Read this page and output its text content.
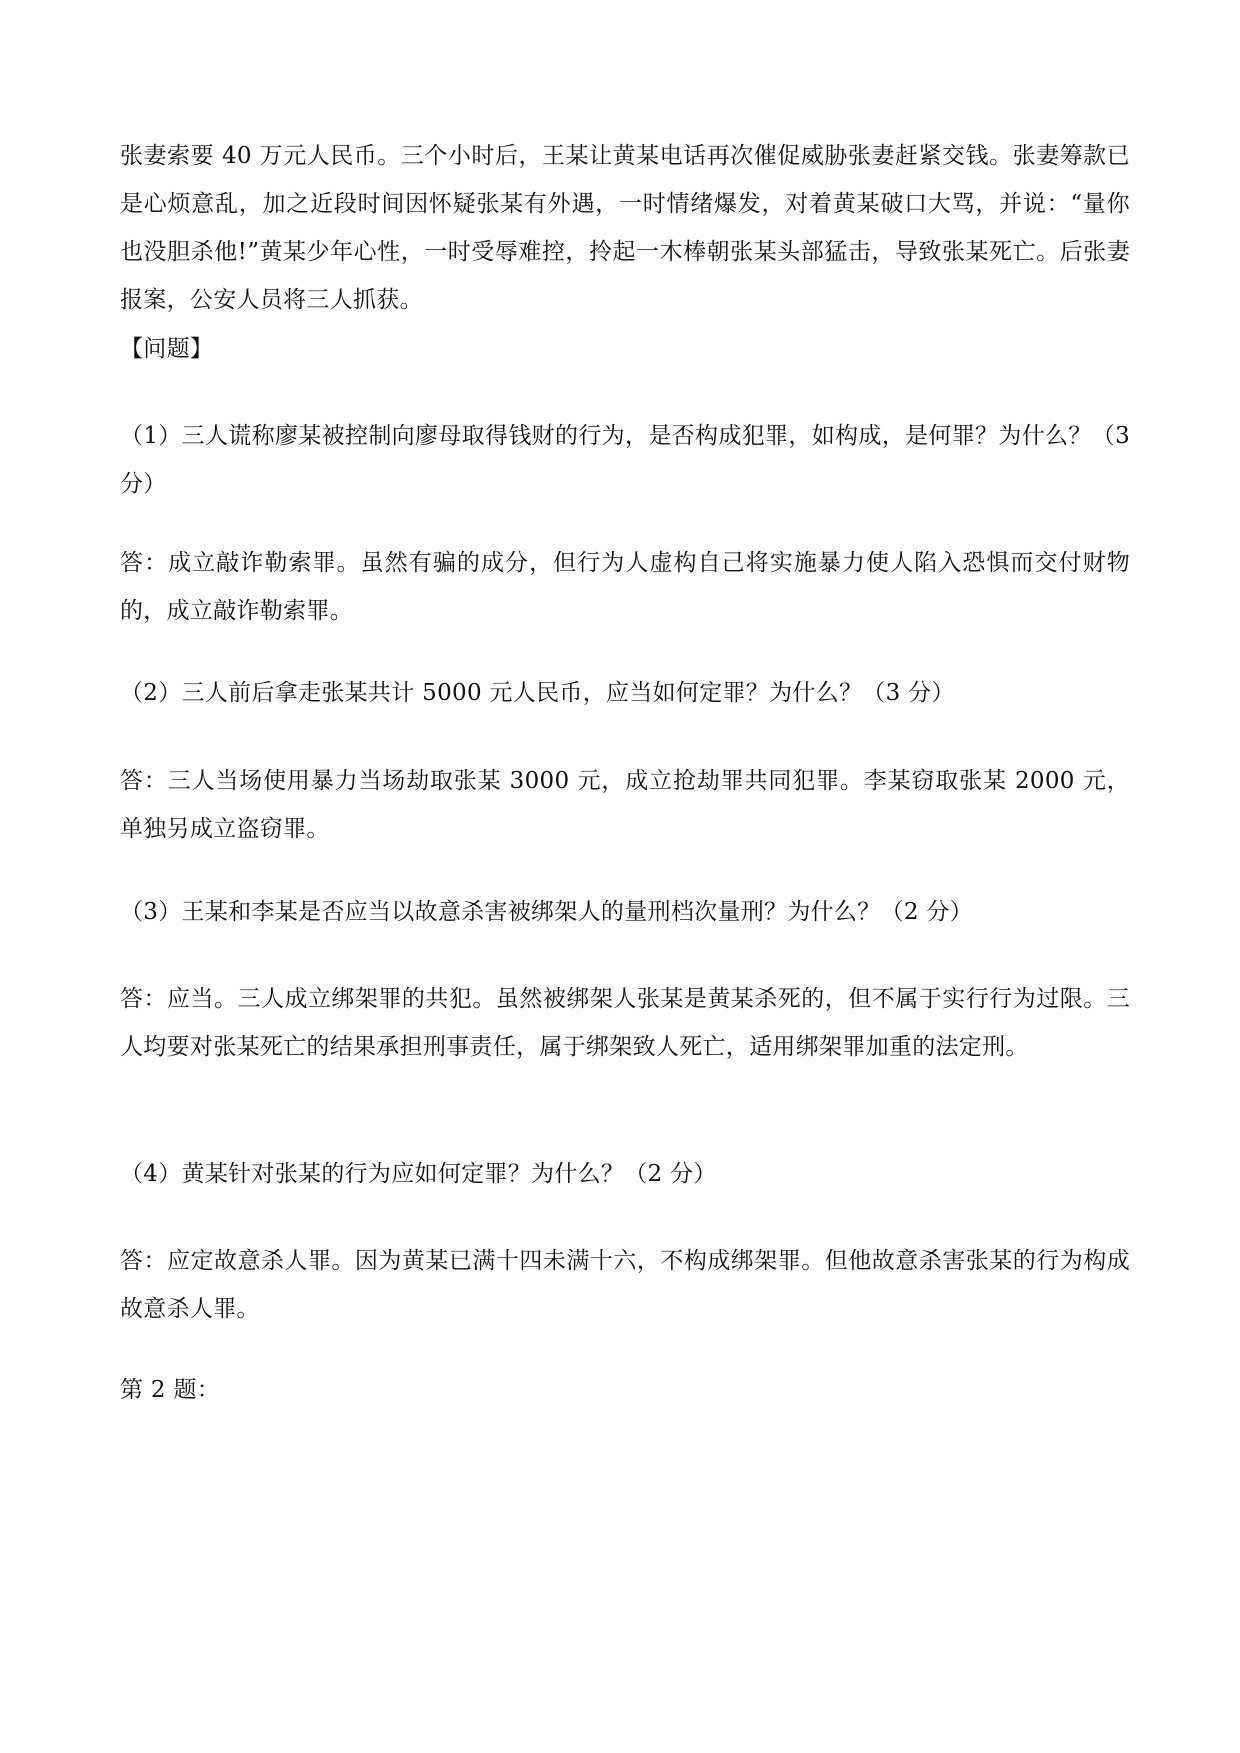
张妻索要 40 万元人民币。三个小时后，王某让黄某电话再次催促威胁张妻赶紧交钱。张妻筹款已是心烦意乱，加之近段时间因怀疑张某有外遇，一时情绪爆发，对着黄某破口大骂，并说：“量你也没胆杀他!”黄某少年心性，一时受辱难控，拎起一木棒朝张某头部猛击，导致张某死亡。后张妻报案，公安人员将三人抓获。

【问题】

（1）三人谎称廖某被控制向廖母取得钱财的行为，是否构成犯罪，如构成，是何罪？为什么？（3 分）

答：成立敲诈勒索罪。虽然有骗的成分，但行为人虚构自己将实施暴力使人陷入恐惧而交付财物的，成立敲诈勒索罪。

（2）三人前后拿走张某共计 5000 元人民币，应当如何定罪？为什么？（3 分）

答：三人当场使用暴力当场劫取张某 3000 元，成立抢劫罪共同犯罪。李某窃取张某 2000 元，单独另成立盗窃罪。

（3）王某和李某是否应当以故意杀害被绑架人的量刑档次量刑？为什么？（2 分）

答：应当。三人成立绑架罪的共犯。虽然被绑架人张某是黄某杀死的，但不属于实行行为过限。三人均要对张某死亡的结果承担刑事责任，属于绑架致人死亡，适用绑架罪加重的法定刑。

（4）黄某针对张某的行为应如何定罪？为什么？（2 分）

答：应定故意杀人罪。因为黄某已满十四未满十六，不构成绑架罪。但他故意杀害张某的行为构成故意杀人罪。

第 2 题：
